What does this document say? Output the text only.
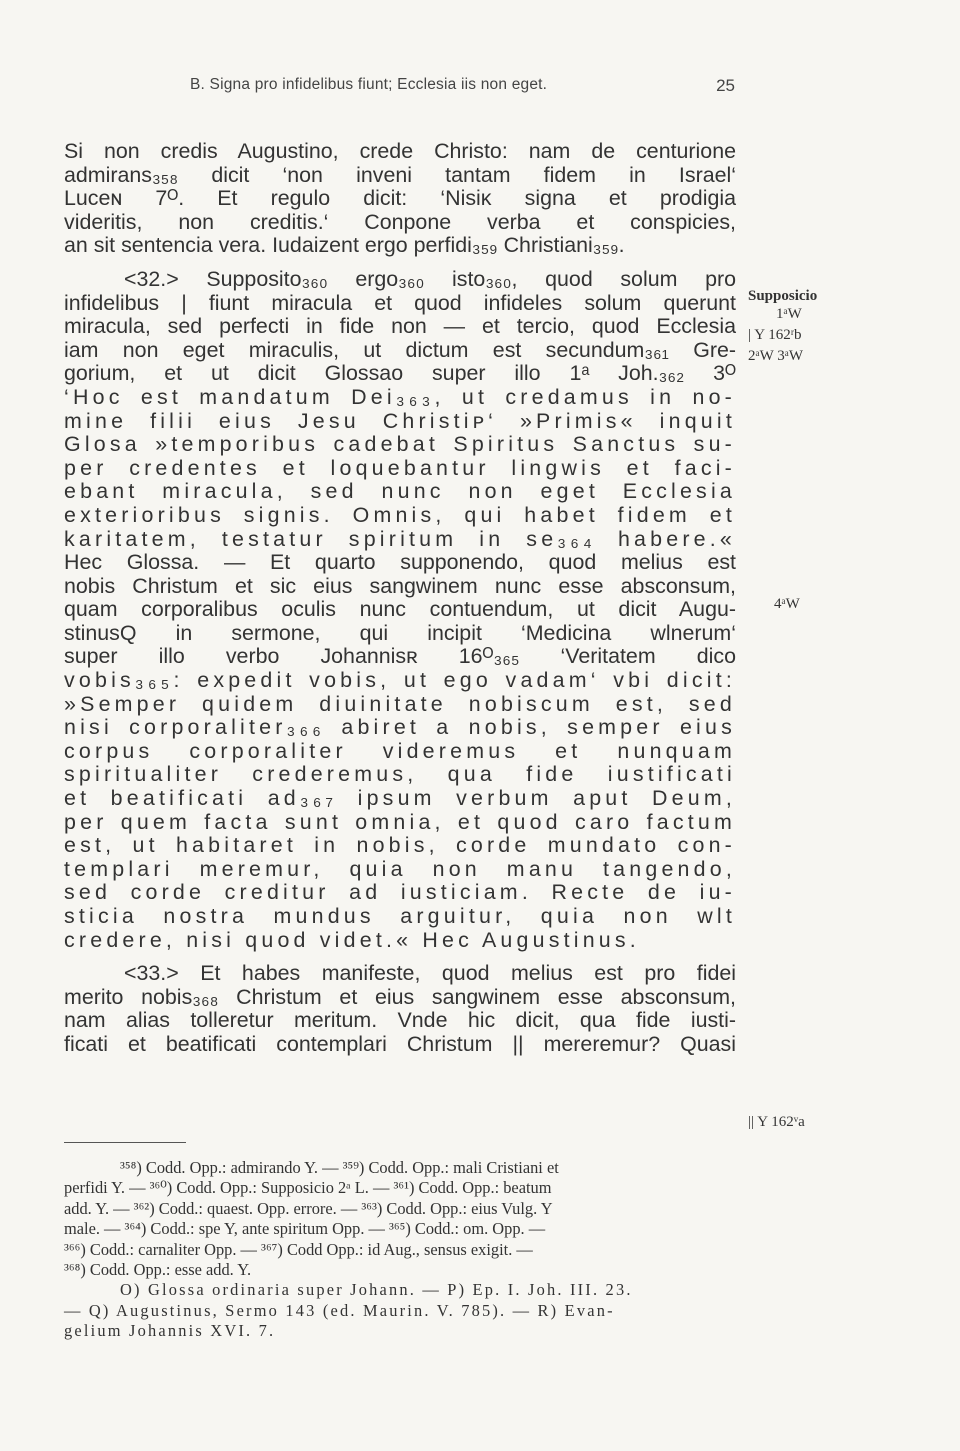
B. Signa pro infidelibus fiunt; Ecclesia iis non eget.	25
Si non credis Augustino, crede Christo: nam de centurione
admirans₃₅₈ dicit ‘non inveni tantam fidem in Israel‘
Luceɴ 7ᴼ. Et regulo dicit: ‘Nisiᴋ signa et prodigia
videritis, non creditis.‘ Conpone verba et conspicies,
an sit sentencia vera. Iudaizent ergo perfidi₃₅₉ Christiani₃₅₉.
<32.> Supposito₃₆₀ ergo₃₆₀ isto₃₆₀, quod solum pro
infidelibus | fiunt miracula et quod infideles solum querunt
miracula, sed perfecti in fide non — et tercio, quod Ecclesia
iam non eget miraculis, ut dictum est secundum₃₆₁ Gre-
gorium, et ut dicit Glossaᴏ super illo 1ᵃ Joh.₃₆₂ 3ᴼ
‘Hoc est mandatum Dei₃₆₃, ut credamus in no-
mine filii eius Jesu Christiᴘ‘ »Primis« inquit
Glosa »temporibus cadebat Spiritus Sanctus su-
per credentes et loquebantur lingwis et faci-
ebant miracula, sed nunc non eget Ecclesia
exterioribus signis. Omnis, qui habet fidem et
karitatem, testatur spiritum in se₃₆₄ habere.«
Hec Glossa. — Et quarto supponendo, quod melius est
nobis Christum et sic eius sangwinem nunc esse absconsum,
quam corporalibus oculis nunc contuendum, ut dicit Augu-
stinusQ in sermone, qui incipit ‘Medicina wlnerum‘
super illo verbo Johannisʀ 16ᴼ₃₆₅ ‘Veritatem dico
vobis₃₆₅: expedit vobis, ut ego vadam‘ vbi dicit:
»Semper quidem diuinitate nobiscum est, sed
nisi corporaliter₃₆₆ abiret a nobis, semper eius
corpus corporaliter videremus et nunquam
spiritualiter crederemus, qua fide iustificati
et beatificati ad₃₆₇ ipsum verbum aput Deum,
per quem facta sunt omnia, et quod caro factum
est, ut habitaret in nobis, corde mundato con-
templari meremur, quia non manu tangendo,
sed corde creditur ad iusticiam. Recte de iu-
sticia nostra mundus arguitur, quia non wlt
credere, nisi quod videt.« Hec Augustinus.
<33.> Et habes manifeste, quod melius est pro fidei
merito nobis₃₆₈ Christum et eius sangwinem esse absconsum,
nam alias tolleretur meritum. Vnde hic dicit, qua fide iusti-
ficati et beatificati contemplari Christum || mereremur? Quasi
Supposicio
1ᵃW
| Y 162ʳb
2ᵃW 3ᵃW
4ᵃW
|| Y 162ᵛa
³⁵⁸) Codd. Opp.: admirando Y. — ³⁵⁹) Codd. Opp.: mali Cristiani et
perfidi Y. — ³⁶⁰) Codd. Opp.: Supposicio 2ᵃ L. — ³⁶¹) Codd. Opp.: beatum
add. Y. — ³⁶²) Codd.: quaest. Opp. errore. — ³⁶³) Codd. Opp.: eius Vulg. Y
male. — ³⁶⁴) Codd.: spe Y, ante spiritum Opp. — ³⁶⁵) Codd.: om. Opp. —
³⁶⁶) Codd.: carnaliter Opp. — ³⁶⁷) Codd Opp.: id Aug., sensus exigit. —
³⁶⁸) Codd. Opp.: esse add. Y.
O) Glossa ordinaria super Johann. — P) Ep. I. Joh. III. 23.
— Q) Augustinus, Sermo 143 (ed. Maurin. V. 785). — R) Evan-
gelium Johannis XVI. 7.
